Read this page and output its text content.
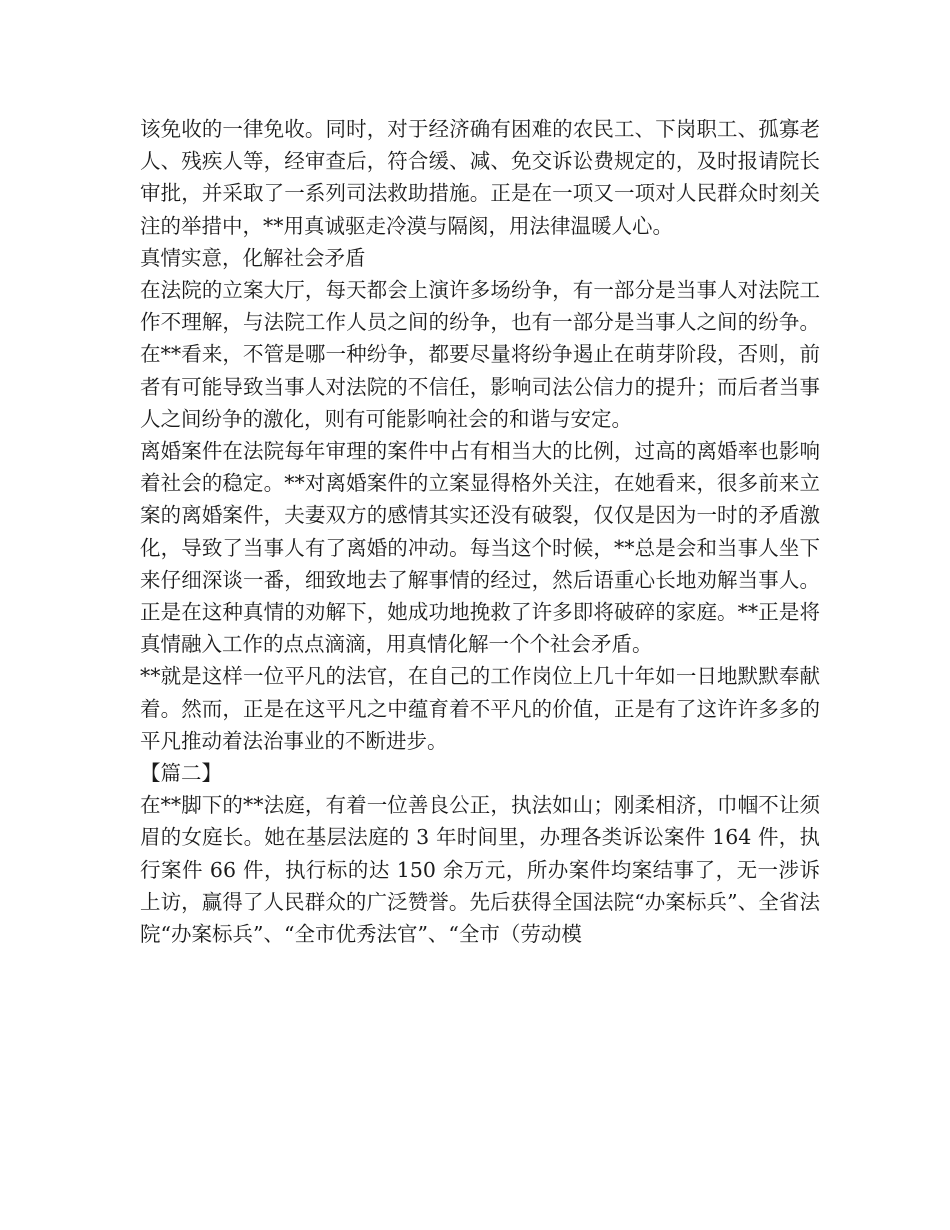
该免收的一律免收。同时，对于经济确有困难的农民工、下岗职工、孤寡老人、残疾人等，经审查后，符合缓、减、免交诉讼费规定的，及时报请院长审批，并采取了一系列司法救助措施。正是在一项又一项对人民群众时刻关注的举措中，**用真诚驱走冷漠与隔阂，用法律温暖人心。

真情实意，化解社会矛盾

在法院的立案大厅，每天都会上演许多场纷争，有一部分是当事人对法院工作不理解，与法院工作人员之间的纷争，也有一部分是当事人之间的纷争。在**看来，不管是哪一种纷争，都要尽量将纷争遏止在萌芽阶段，否则，前者有可能导致当事人对法院的不信任，影响司法公信力的提升；而后者当事人之间纷争的激化，则有可能影响社会的和谐与安定。

离婚案件在法院每年审理的案件中占有相当大的比例，过高的离婚率也影响着社会的稳定。**对离婚案件的立案显得格外关注，在她看来，很多前来立案的离婚案件，夫妻双方的感情其实还没有破裂，仅仅是因为一时的矛盾激化，导致了当事人有了离婚的冲动。每当这个时候，**总是会和当事人坐下来仔细深谈一番，细致地去了解事情的经过，然后语重心长地劝解当事人。正是在这种真情的劝解下，她成功地挽救了许多即将破碎的家庭。**正是将真情融入工作的点点滴滴，用真情化解一个个社会矛盾。

**就是这样一位平凡的法官，在自己的工作岗位上几十年如一日地默默奉献着。然而，正是在这平凡之中蕴育着不平凡的价值，正是有了这许许多多的平凡推动着法治事业的不断进步。

【篇二】

在**脚下的**法庭，有着一位善良公正，执法如山；刚柔相济，巾帼不让须眉的女庭长。她在基层法庭的 3 年时间里，办理各类诉讼案件 164 件，执行案件 66 件，执行标的达 150 余万元，所办案件均案结事了，无一涉诉上访，赢得了人民群众的广泛赞誉。先后获得全国法院“办案标兵”、全省法院“办案标兵”、“全市优秀法官”、“全市（劳动模
